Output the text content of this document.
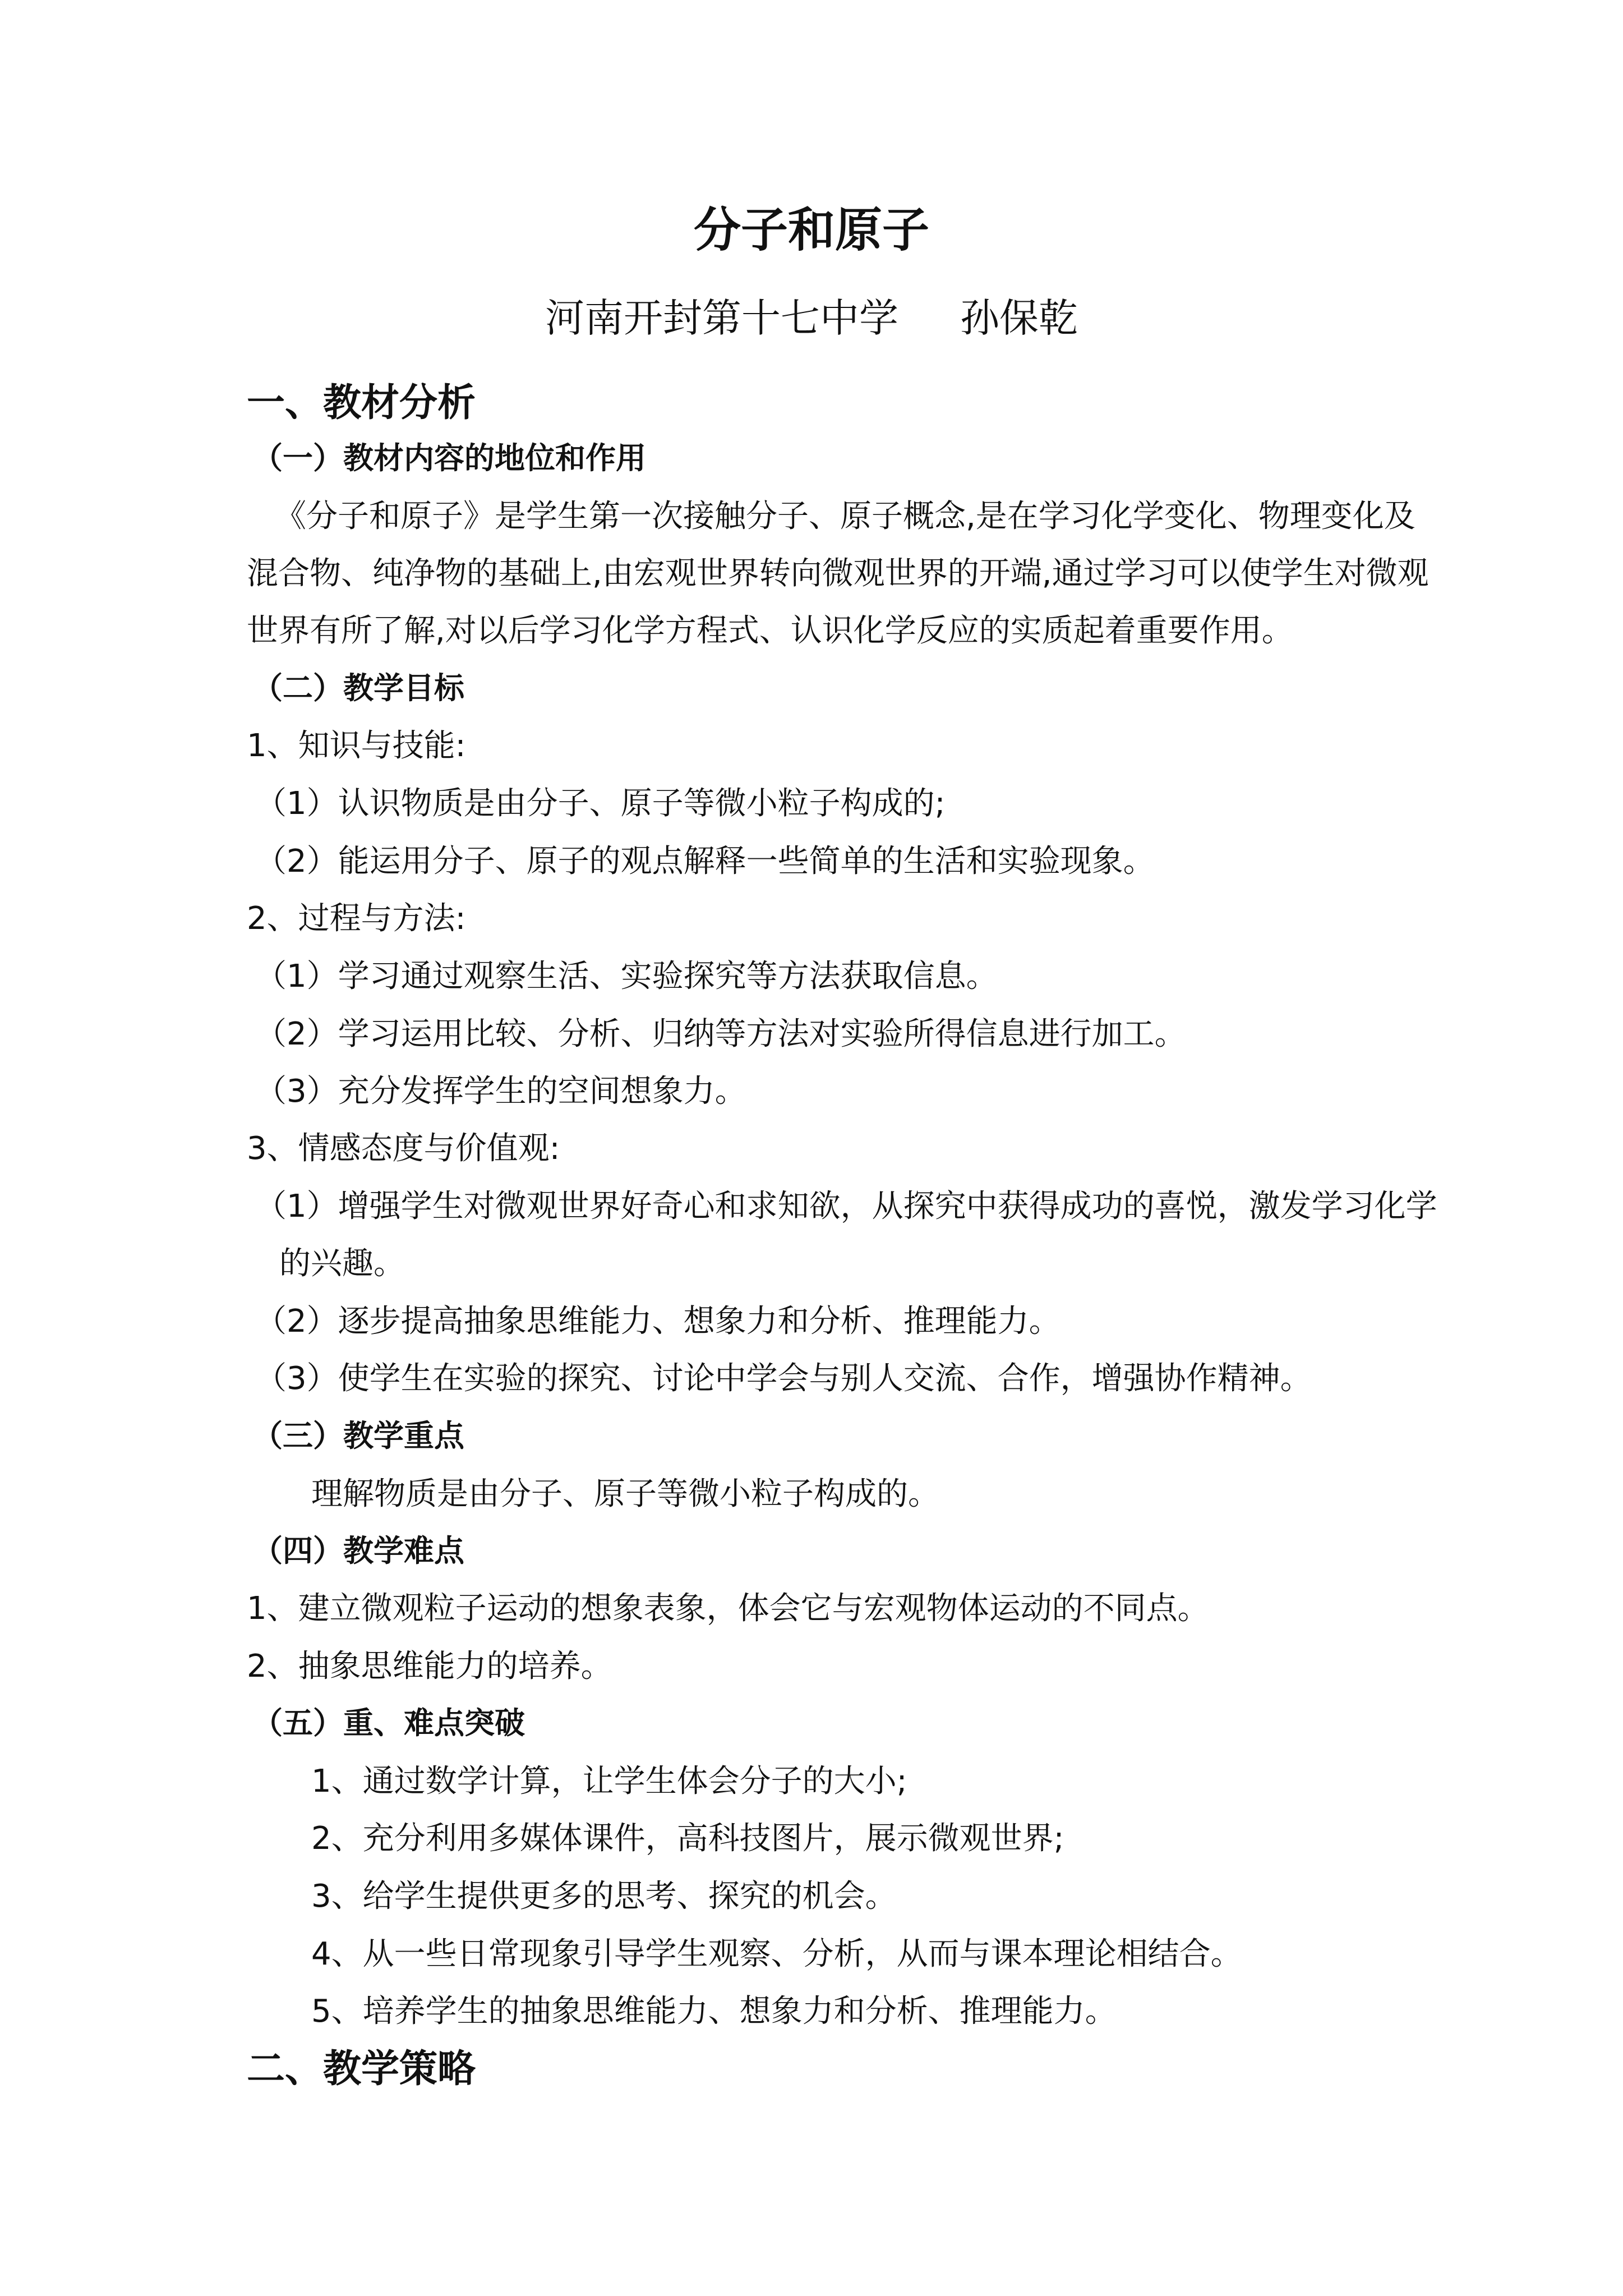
分子和原子
河南开封第十七中学 孙保乾
一、教材分析
（一）教材内容的地位和作用
《分子和原子》是学生第一次接触分子、原子概念,是在学习化学变化、物理变化及
混合物、纯净物的基础上,由宏观世界转向微观世界的开端,通过学习可以使学生对微观
世界有所了解,对以后学习化学方程式、认识化学反应的实质起着重要作用。
（二）教学目标
1、知识与技能:
（1）认识物质是由分子、原子等微小粒子构成的;
（2）能运用分子、原子的观点解释一些简单的生活和实验现象。
2、过程与方法:
（1）学习通过观察生活、实验探究等方法获取信息。
（2）学习运用比较、分析、归纳等方法对实验所得信息进行加工。
（3）充分发挥学生的空间想象力。
3、情感态度与价值观:
（1）增强学生对微观世界好奇心和求知欲，从探究中获得成功的喜悦，激发学习化学
的兴趣。
（2）逐步提高抽象思维能力、想象力和分析、推理能力。
（3）使学生在实验的探究、讨论中学会与别人交流、合作，增强协作精神。
（三）教学重点
理解物质是由分子、原子等微小粒子构成的。
（四）教学难点
1、建立微观粒子运动的想象表象，体会它与宏观物体运动的不同点。
2、抽象思维能力的培养。
（五）重、难点突破
1、通过数学计算，让学生体会分子的大小;
2、充分利用多媒体课件，高科技图片，展示微观世界;
3、给学生提供更多的思考、探究的机会。
4、从一些日常现象引导学生观察、分析，从而与课本理论相结合。
5、培养学生的抽象思维能力、想象力和分析、推理能力。
二、教学策略
